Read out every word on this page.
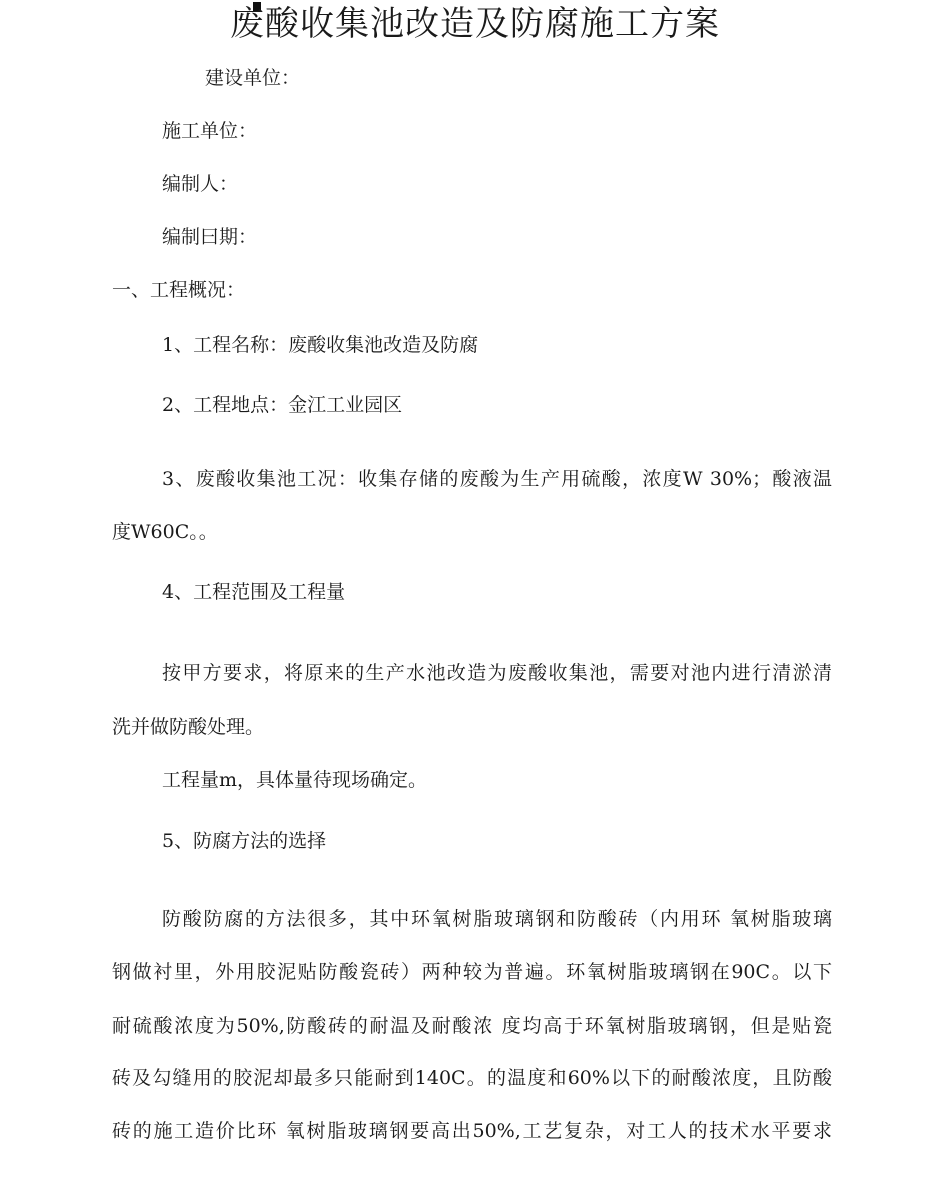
废酸收集池改造及防腐施工方案
建设单位：
施工单位：
编制人：
编制曰期：
一、工程概况：
1、工程名称：废酸收集池改造及防腐
2、工程地点：金江工业园区
3、废酸收集池工况：收集存储的废酸为生产用硫酸，浓度W 30%；酸液温
度W60C。。
4、工程范围及工程量
按甲方要求，将原来的生产水池改造为废酸收集池，需要对池内进行清淤清
洗并做防酸处理。
工程量m，具体量待现场确定。
5、防腐方法的选择
防酸防腐的方法很多，其中环氧树脂玻璃钢和防酸砖（内用环 氧树脂玻璃
钢做衬里，外用胶泥贴防酸瓷砖）两种较为普遍。环氧树脂玻璃钢在90C。以下
耐硫酸浓度为50%,防酸砖的耐温及耐酸浓 度均高于环氧树脂玻璃钢，但是贴瓷
砖及勾缝用的胶泥却最多只能耐到140C。的温度和60%以下的耐酸浓度，且防酸
砖的施工造价比环 氧树脂玻璃钢要高出50%,工艺复杂，对工人的技术水平要求
